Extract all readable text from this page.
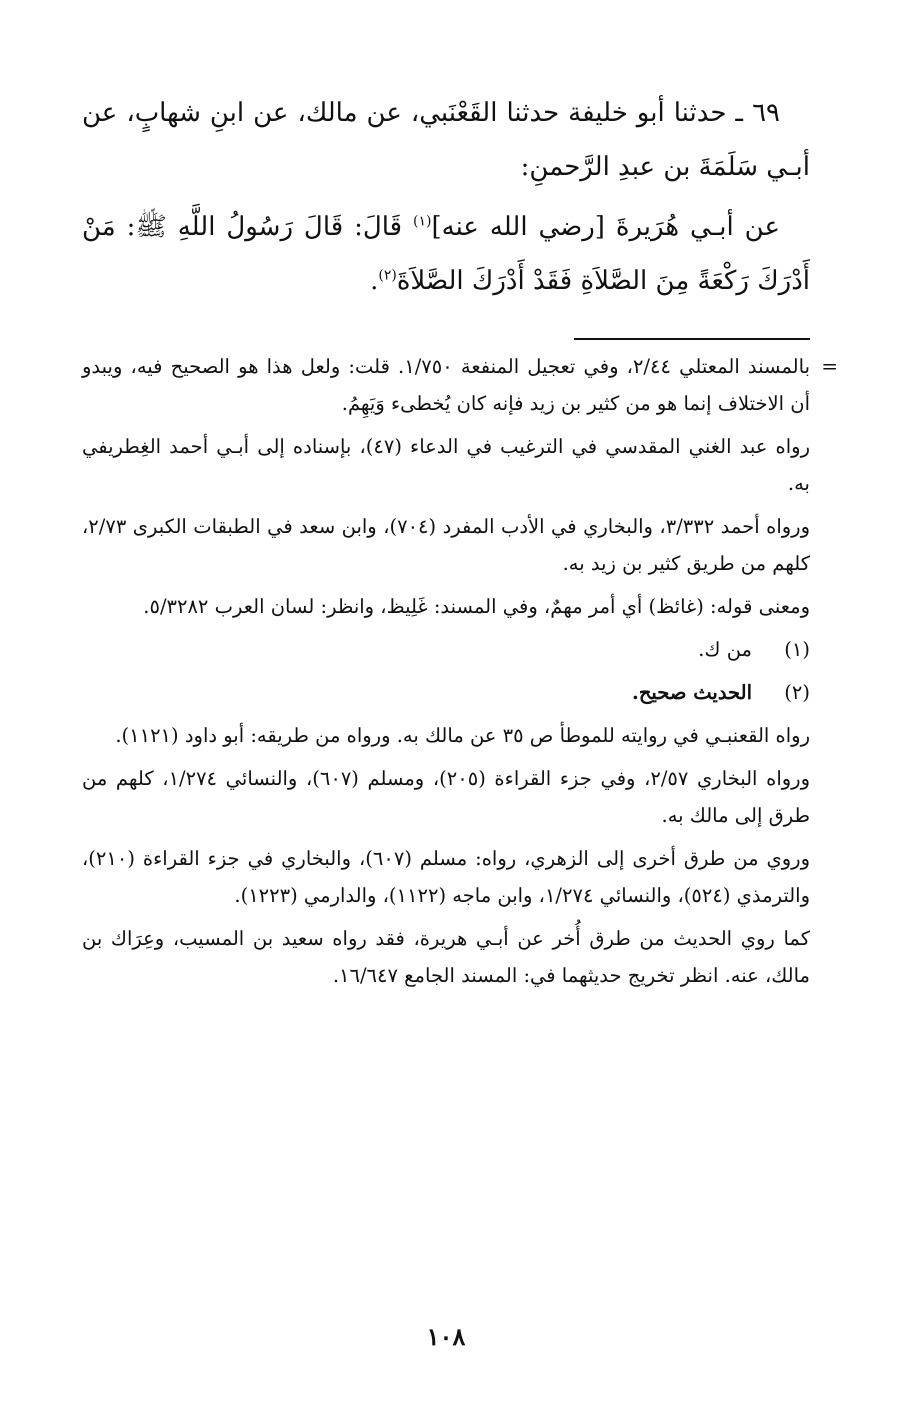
٦٩ ـ حدثنا أبو خليفة حدثنا القَعْنَبي، عن مالك، عن ابنِ شهابٍ، عن أبـي سَلَمَةَ بن عبدِ الرَّحمنِ:

عن أبـي هُرَيرةَ [رضي الله عنه]$^{(١)}$ قَالَ: قَالَ رَسُولُ اللَّهِ ﷺ: مَنْ أَدْرَكَ رَكْعَةً مِنَ الصَّلاَةِ فَقَدْ أَدْرَكَ الصَّلاَةَ$^{(٢)}$.

=

بالمسند المعتلي ٢/٤٤، وفي تعجيل المنفعة ١/٧٥٠. قلت: ولعل هذا هو الصحيح فيه، ويبدو أن الاختلاف إنما هو من كثير بن زيد فإنه كان يُخطىء وَيَهِمُ.

رواه عبد الغني المقدسي في الترغيب في الدعاء (٤٧)، بإسناده إلى أبـي أحمد الغِطريفي به.

ورواه أحمد ٣/٣٣٢، والبخاري في الأدب المفرد (٧٠٤)، وابن سعد في الطبقات الكبرى ٢/٧٣، كلهم من طريق كثير بن زيد به.

ومعنى قوله: (غائظ) أي أمر مهمٌ، وفي المسند: غَلِيظ، وانظر: لسان العرب ٥/٣٢٨٢.

(١)من ك.

(٢)الحديث صحيح.

رواه القعنبـي في روايته للموطأ ص ٣٥ عن مالك به. ورواه من طريقه: أبو داود (١١٢١).

ورواه البخاري ٢/٥٧، وفي جزء القراءة (٢٠٥)، ومسلم (٦٠٧)، والنسائي ١/٢٧٤، كلهم من طرق إلى مالك به.

وروي من طرق أخرى إلى الزهري، رواه: مسلم (٦٠٧)، والبخاري في جزء القراءة (٢١٠)، والترمذي (٥٢٤)، والنسائي ١/٢٧٤، وابن ماجه (١١٢٢)، والدارمي (١٢٢٣).

كما روي الحديث من طرق أُخر عن أبـي هريرة، فقد رواه سعيد بن المسيب، وعِرَاك بن مالك، عنه. انظر تخريج حديثهما في: المسند الجامع ١٦/٦٤٧.

١٠٨
